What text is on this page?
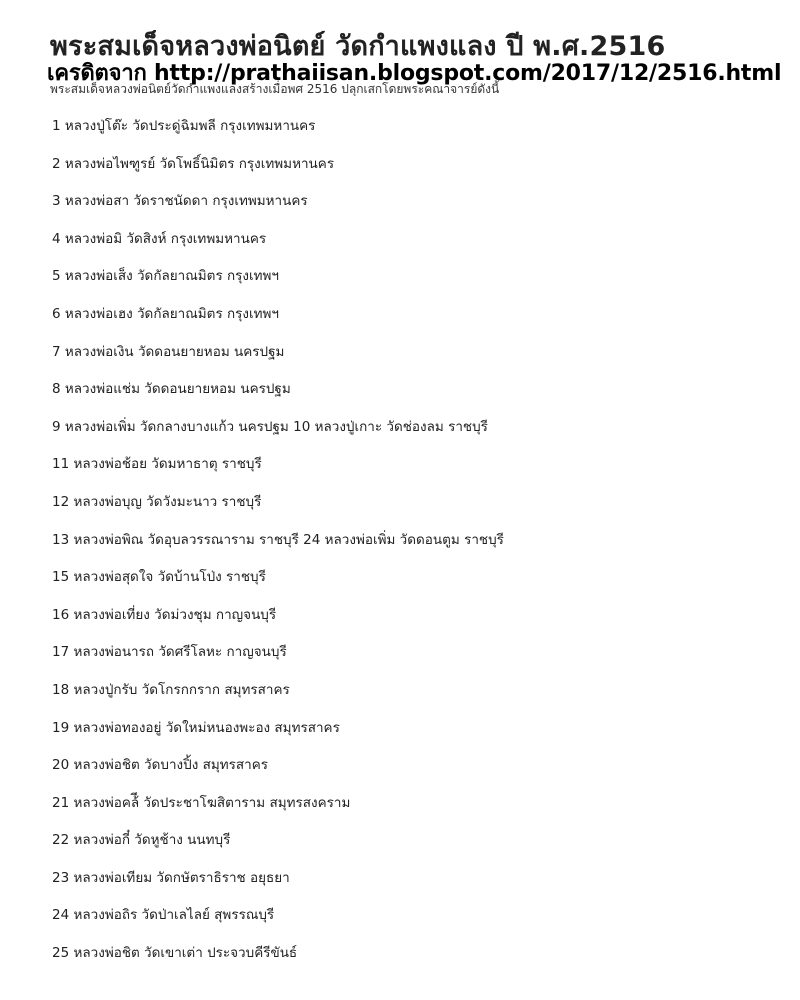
พระสมเด็จหลวงพ่อนิตย์ วัดกำแพงแลง ปี พ.ศ.2516
เครดิตจาก http://prathaiisan.blogspot.com/2017/12/2516.html
พระสมเด็จหลวงพ่อนิตย์วัดกำแพงแลงสร้างเมื่อพศ 2516 ปลุกเสกโดยพระคณาจารย์ดังนี้
1 หลวงปู่โต๊ะ วัดประดู่ฉิมพลี กรุงเทพมหานคร
2 หลวงพ่อไพฑูรย์ วัดโพธิ์นิมิตร กรุงเทพมหานคร
3 หลวงพ่อสา วัดราชนัดดา กรุงเทพมหานคร
4 หลวงพ่อมิ วัดสิงห์ กรุงเทพมหานคร
5 หลวงพ่อเส็ง วัดกัลยาณมิตร กรุงเทพฯ
6 หลวงพ่อเฮง วัดกัลยาณมิตร กรุงเทพฯ
7 หลวงพ่อเงิน วัดดอนยายหอม นครปฐม
8 หลวงพ่อแช่ม วัดดอนยายหอม นครปฐม
9 หลวงพ่อเพิ่ม วัดกลางบางแก้ว นครปฐม 10 หลวงปู่เกาะ วัดช่องลม ราชบุรี
11 หลวงพ่อช้อย วัดมหาธาตุ ราชบุรี
12 หลวงพ่อบุญ วัดวังมะนาว ราชบุรี
13 หลวงพ่อพิณ วัดอุบลวรรณาราม ราชบุรี 24 หลวงพ่อเพิ่ม วัดดอนตูม ราชบุรี
15 หลวงพ่อสุดใจ วัดบ้านโป่ง ราชบุรี
16 หลวงพ่อเที่ยง วัดม่วงชุม กาญจนบุรี
17 หลวงพ่อนารถ วัดศรีโลหะ กาญจนบุรี
18 หลวงปู่กรับ วัดโกรกกราก สมุทรสาคร
19 หลวงพ่อทองอยู่ วัดใหม่หนองพะอง สมุทรสาคร
20 หลวงพ่อชิต วัดบางปิ้ง สมุทรสาคร
21 หลวงพ่อคล้ี วัดประชาโฆสิตาราม สมุทรสงคราม
22 หลวงพ่อกี๋ วัดหูช้าง นนทบุรี
23 หลวงพ่อเทียม วัดกษัตราธิราช อยุธยา
24 หลวงพ่อถิร วัดป่าเลไลย์ สุพรรณบุรี
25 หลวงพ่อชิต วัดเขาเต่า ประจวบคีรีขันธ์
